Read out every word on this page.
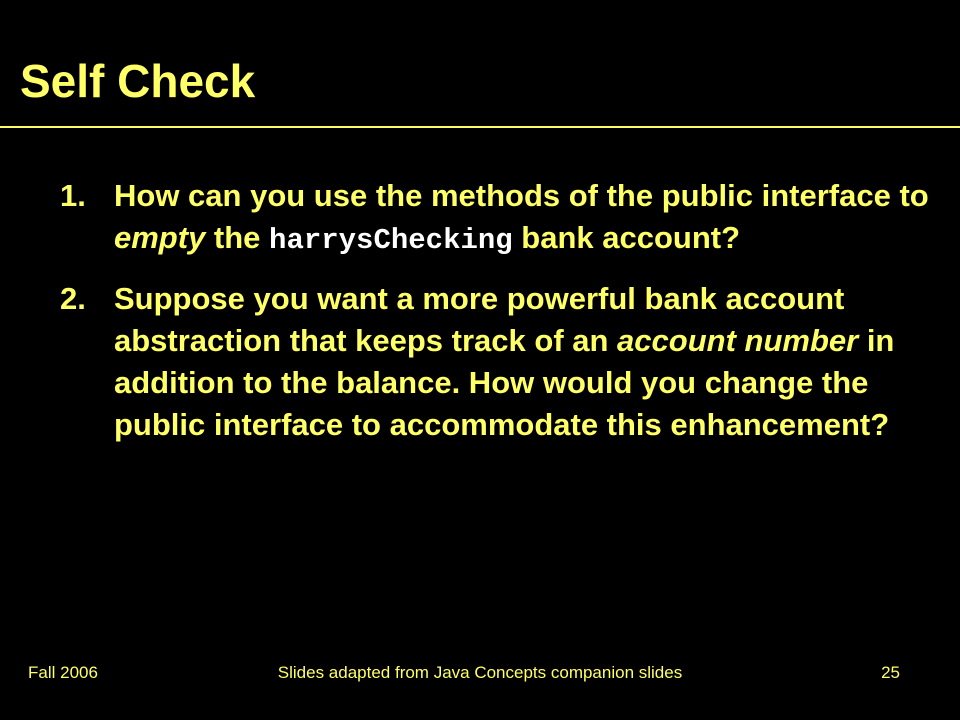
Self Check
1. How can you use the methods of the public interface to empty the harrysChecking bank account?
2. Suppose you want a more powerful bank account abstraction that keeps track of an account number in addition to the balance. How would you change the public interface to accommodate this enhancement?
Fall 2006	Slides adapted from Java Concepts companion slides	25
